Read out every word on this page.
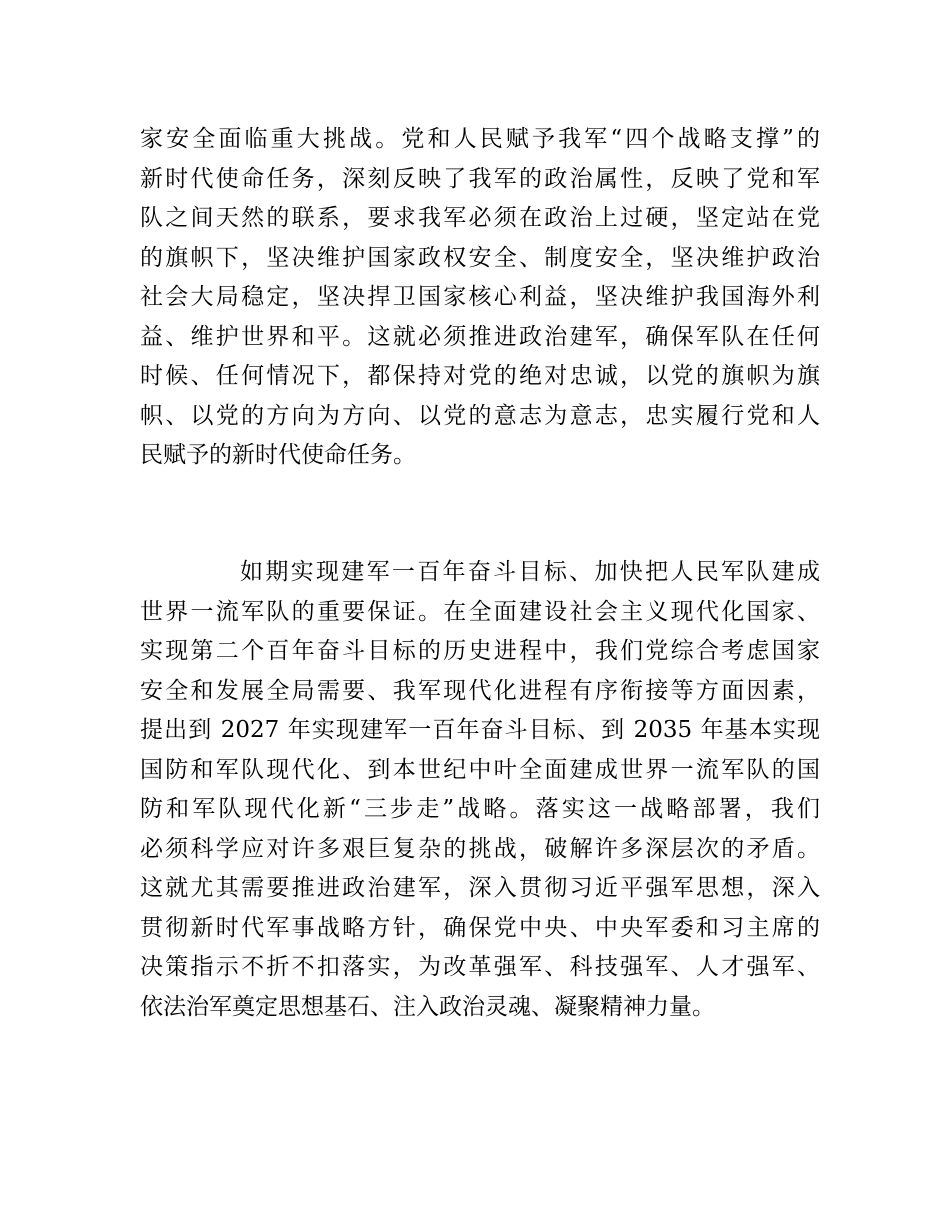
家安全面临重大挑战。党和人民赋予我军“四个战略支撑”的
新时代使命任务，深刻反映了我军的政治属性，反映了党和军
队之间天然的联系，要求我军必须在政治上过硬，坚定站在党
的旗帜下，坚决维护国家政权安全、制度安全，坚决维护政治
社会大局稳定，坚决捍卫国家核心利益，坚决维护我国海外利
益、维护世界和平。这就必须推进政治建军，确保军队在任何
时候、任何情况下，都保持对党的绝对忠诚，以党的旗帜为旗
帜、以党的方向为方向、以党的意志为意志，忠实履行党和人
民赋予的新时代使命任务。
如期实现建军一百年奋斗目标、加快把人民军队建成
世界一流军队的重要保证。在全面建设社会主义现代化国家、
实现第二个百年奋斗目标的历史进程中，我们党综合考虑国家
安全和发展全局需要、我军现代化进程有序衔接等方面因素，
提出到 2027 年实现建军一百年奋斗目标、到 2035 年基本实现
国防和军队现代化、到本世纪中叶全面建成世界一流军队的国
防和军队现代化新“三步走”战略。落实这一战略部署，我们
必须科学应对许多艰巨复杂的挑战，破解许多深层次的矛盾。
这就尤其需要推进政治建军，深入贯彻习近平强军思想，深入
贯彻新时代军事战略方针，确保党中央、中央军委和习主席的
决策指示不折不扣落实，为改革强军、科技强军、人才强军、
依法治军奠定思想基石、注入政治灵魂、凝聚精神力量。
